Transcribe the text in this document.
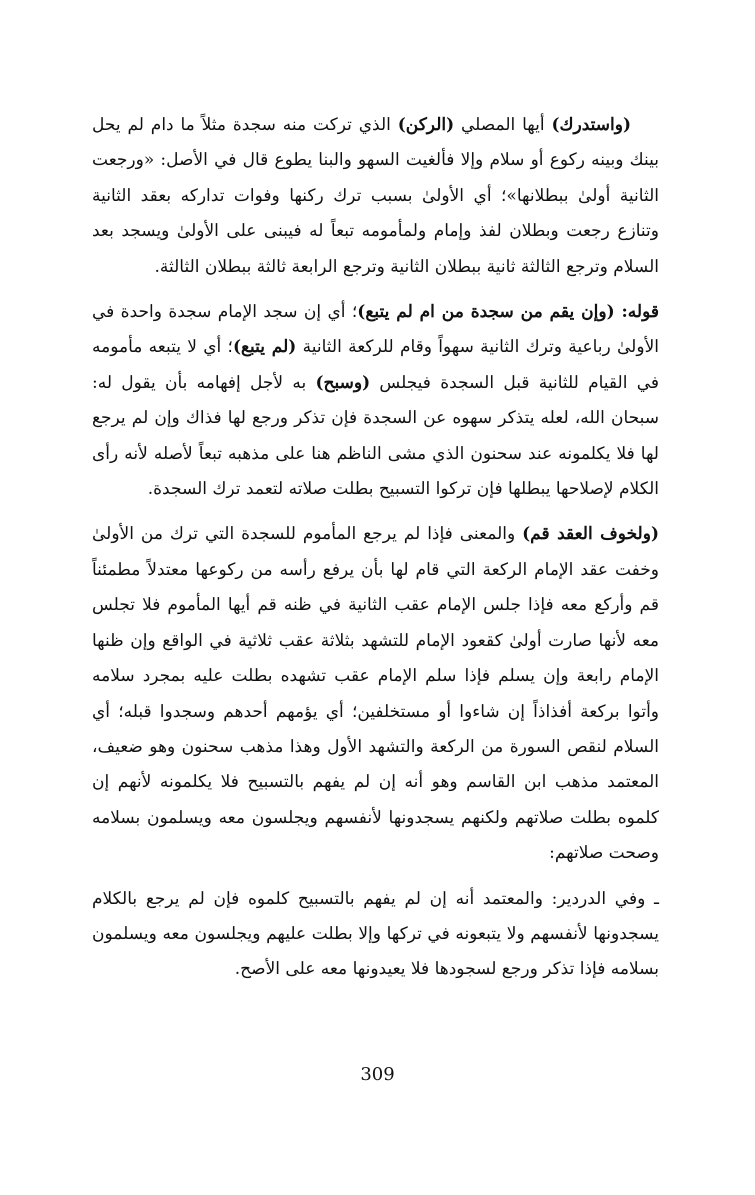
(واستدرك) أيها المصلي (الركن) الذي تركت منه سجدة مثلاً ما دام لم يحل بينك وبينه ركوع أو سلام وإلا فألغيت السهو والبنا يطوع قال في الأصل: «ورجعت الثانية أولىٰ ببطلانها»؛ أي الأولىٰ بسبب ترك ركنها وفوات تداركه بعقد الثانية وتنازع رجعت وبطلان لفذ وإمام ولمأمومه تبعاً له فيبنى على الأولىٰ ويسجد بعد السلام وترجع الثالثة ثانية ببطلان الثانية وترجع الرابعة ثالثة ببطلان الثالثة.

قوله: (وإن يقم من سجدة من ام لم يتبع)؛ أي إن سجد الإمام سجدة واحدة في الأولىٰ رباعية وترك الثانية سهواً وقام للركعة الثانية (لم يتبع)؛ أي لا يتبعه مأمومه في القيام للثانية قبل السجدة فيجلس (وسبح) به لأجل إفهامه بأن يقول له: سبحان الله، لعله يتذكر سهوه عن السجدة فإن تذكر ورجع لها فذاك وإن لم يرجع لها فلا يكلمونه عند سحنون الذي مشى الناظم هنا على مذهبه تبعاً لأصله لأنه رأى الكلام لإصلاحها يبطلها فإن تركوا التسبيح بطلت صلاته لتعمد ترك السجدة.

(ولخوف العقد قم) والمعنى فإذا لم يرجع المأموم للسجدة التي ترك من الأولىٰ وخفت عقد الإمام الركعة التي قام لها بأن يرفع رأسه من ركوعها معتدلاً مطمئناً قم وأركع معه فإذا جلس الإمام عقب الثانية في ظنه قم أيها المأموم فلا تجلس معه لأنها صارت أولىٰ كقعود الإمام للتشهد بثلاثة عقب ثلاثية في الواقع وإن ظنها الإمام رابعة وإن يسلم فإذا سلم الإمام عقب تشهده بطلت عليه بمجرد سلامه وأتوا بركعة أفذاذاً إن شاءوا أو مستخلفين؛ أي يؤمهم أحدهم وسجدوا قبله؛ أي السلام لنقص السورة من الركعة والتشهد الأول وهذا مذهب سحنون وهو ضعيف، المعتمد مذهب ابن القاسم وهو أنه إن لم يفهم بالتسبيح فلا يكلمونه لأنهم إن كلموه بطلت صلاتهم ولكنهم يسجدونها لأنفسهم ويجلسون معه ويسلمون بسلامه وصحت صلاتهم:

ـ وفي الدردير: والمعتمد أنه إن لم يفهم بالتسبيح كلموه فإن لم يرجع بالكلام يسجدونها لأنفسهم ولا يتبعونه في تركها وإلا بطلت عليهم ويجلسون معه ويسلمون بسلامه فإذا تذكر ورجع لسجودها فلا يعيدونها معه على الأصح.

309
